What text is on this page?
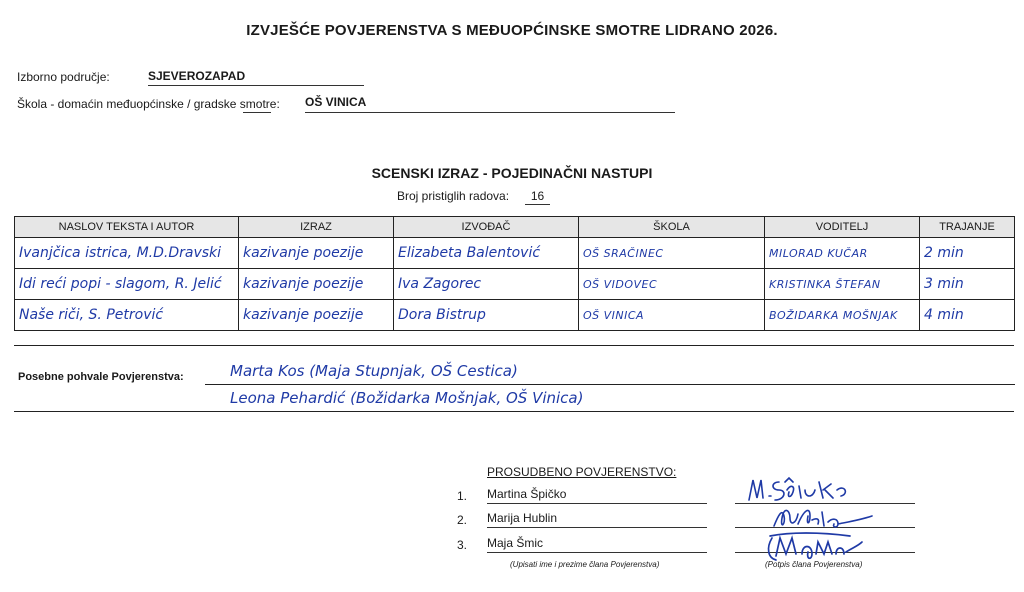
IZVJEŠĆE POVJERENSTVA S MEĐUOPĆINSKE SMOTRE LIDRANO 2026.
Izborno područje:	SJEVEROZAPAD
Škola - domaćin međuopćinske / gradske smotre: OŠ VINICA
SCENSKI IZRAZ - POJEDINAČNI NASTUPI
Broj pristiglih radova:	16
NASLOV TEKSTA I AUTOR	IZRAZ	IZVOĐAČ	ŠKOLA	VODITELJ	TRAJANJE
Ivanjčica istrica, M.D.Dravski	kazivanje poezije	Elizabeta Balentović	OŠ SRAČINEC	MILORAD KUČAR	2 min
Idi reći popi - slagom, R. Jelić	kazivanje poezije	Iva Zagorec	OŠ VIDOVEC	KRISTINKA ŠTEFAN	3 min
Naše riči, S. Petrović	kazivanje poezije	Dora Bistrup	OŠ VINICA	BOŽIDARKA MOŠNJAK	4 min
Posebne pohvale Povjerenstva:	Marta Kos (Maja Stupnjak, OŠ Cestica)
Leona Pehardić (Božidarka Mošnjak, OŠ Vinica)
PROSUDBENO POVJERENSTVO:
1. Martina Špičko
2. Marija Hublin
3. Maja Šmic
(Upisati ime i prezime člana Povjerenstva)	(Potpis člana Povjerenstva)
